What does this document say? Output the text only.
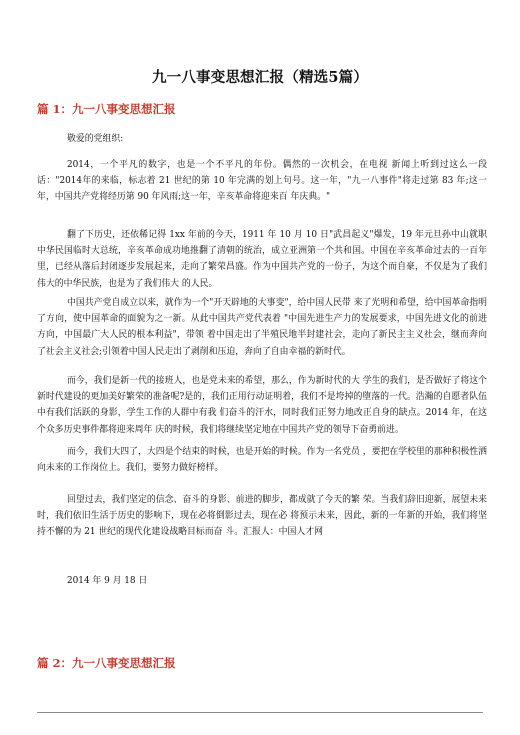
九一八事变思想汇报（精选5篇）
篇 1：九一八事变思想汇报

敬爱的党组织:

2014，一个平凡的数字，也是一个不平凡的年份。偶然的一次机会，在电视 新闻上听到过这么一段话："2014年的来临，标志着 21 世纪的第 10 年完满的划上句号。这一年，"九一八事件"将走过第 83 年;这一年，中国共产党将经历第 90 年风雨;这一年，辛亥革命将迎来百 年庆典。"

翻了下历史，还依稀记得 1xx 年前的今天，1911 年 10 月 10 日"武昌起义"爆发，19 年元旦孙中山就职中华民国临时大总统，辛亥革命成功地推翻了清朝的统治，成立亚洲第一个共和国。中国在辛亥革命过去的一百年里，已经从落后封闭逐步发展起来，走向了繁荣昌盛。作为中国共产党的一份子，为这个而自豪，不仅是为了我们伟大的中华民族，也是为了我们伟大 的人民。

中国共产党自成立以来，就作为一个"开天辟地的大事变"，给中国人民带 来了光明和希望，给中国革命指明了方向，使中国革命的面貌为之一新。从此中国共产党代表着 "中国先进生产力的发展要求，中国先进文化的前进方向，中国最广大人民的根本利益"，带领 着中国走出了半殖民地半封建社会，走向了新民主主义社会，继而奔向了社会主义社会;引领着中国人民走出了剥削和压迫，奔向了自由幸福的新时代。

而今，我们是新一代的接班人，也是党未来的希望，那么，作为新时代的大 学生的我们，是否做好了将这个新时代建设的更加美好繁荣的准备呢?是的，我们正用行动证明着，我们不是垮掉的堕落的一代。浩瀚的自愿者队伍中有我们活跃的身影，学生工作的人群中有我 们奋斗的汗水，同时我们正努力地改正自身的缺点。2014 年，在这个众多历史事件都将迎来周年 庆的时候，我们将继续坚定地在中国共产党的领导下奋勇前进。

而今，我们大四了，大四是个结束的时候，也是开始的时候。作为一名党员 ，要把在学校里的那种积极性洒向未来的工作岗位上。我们，要努力做好榜样。

回望过去，我们坚定的信念、奋斗的身影、前进的脚步，都成就了今天的繁 荣。当我们辞旧迎新，展望未来时，我们依旧生活于历史的影响下，现在必将倒影过去，现在必 将预示未来，因此，新的一年新的开始，我们将坚持不懈的为 21 世纪的现代化建设战略目标而奋 斗。汇报人：中国人才网

2014 年 9 月 18 日

篇 2：九一八事变思想汇报
